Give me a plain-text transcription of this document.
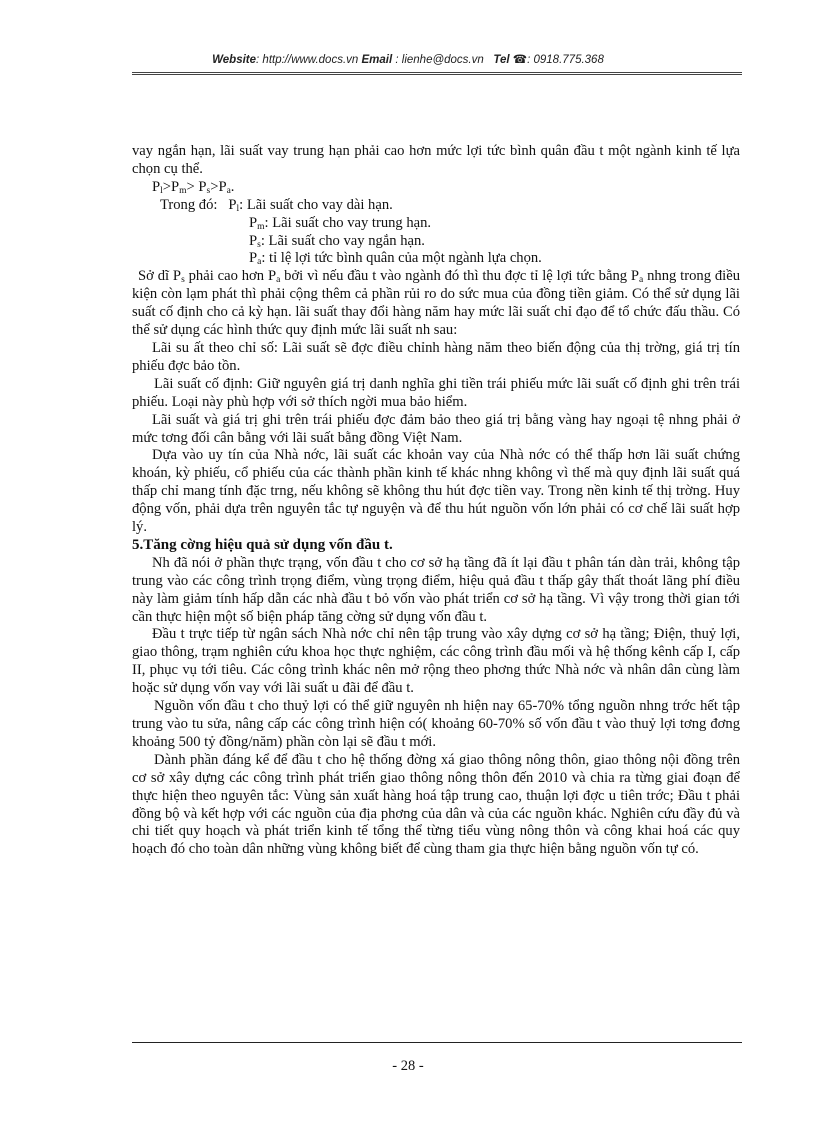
Website: http://www.docs.vn Email : lienhe@docs.vn Tel ☎: 0918.775.368

vay ngắn hạn, lãi suất vay trung hạn phải cao hơn mức lợi tức bình quân đầu t một ngành kinh tế lựa chọn cụ thể.

$P_l>P_m> P_s>P_a$.

Trong đó: $P_l$: Lãi suất cho vay dài hạn.

$P_m$: Lãi suất cho vay trung hạn.

$P_s$: Lãi suất cho vay ngắn hạn.

$P_a$: tỉ lệ lợi tức bình quân của một ngành lựa chọn.

Sở dĩ $P_s$ phải cao hơn $P_a$ bởi vì nếu đầu t vào ngành đó thì thu đợc tỉ lệ lợi tức bằng $P_a$ nhng trong điều kiện còn lạm phát thì phải cộng thêm cả phần rủi ro do sức mua của đồng tiền giảm. Có thể sử dụng lãi suất cố định cho cả kỳ hạn. lãi suất thay đổi hàng năm hay mức lãi suất chỉ đạo để tổ chức đấu thầu. Có thể sử dụng các hình thức quy định mức lãi suất nh sau:

Lãi su ất theo chỉ số: Lãi suất sẽ đợc điều chỉnh hàng năm theo biến động của thị trờng, giá trị tín phiếu đợc bảo tồn.

Lãi suất cố định: Giữ nguyên giá trị danh nghĩa ghi tiền trái phiếu mức lãi suất cố định ghi trên trái phiếu. Loại này phù hợp với sở thích ngời mua bảo hiểm.

Lãi suất và giá trị ghi trên trái phiếu đợc đảm bảo theo giá trị bằng vàng hay ngoại tệ nhng phải ở mức tơng đối cân bằng với lãi suất bằng đồng Việt Nam.

Dựa vào uy tín của Nhà nớc, lãi suất các khoản vay của Nhà nớc có thể thấp hơn lãi suất chứng khoán, kỳ phiếu, cổ phiếu của các thành phần kinh tế khác nhng không vì thế mà quy định lãi suất quá thấp chỉ mang tính đặc trng, nếu không sẽ không thu hút đợc tiền vay. Trong nền kinh tế thị trờng. Huy động vốn, phải dựa trên nguyên tắc tự nguyện và để thu hút nguồn vốn lớn phải có cơ chế lãi suất hợp lý.

5.Tăng cờng hiệu quả sử dụng vốn đầu t.

Nh đã nói ở phần thực trạng, vốn đầu t cho cơ sở hạ tầng đã ít lại đầu t phân tán dàn trải, không tập trung vào các công trình trọng điểm, vùng trọng điểm, hiệu quả đầu t thấp gây thất thoát lãng phí điều này làm giảm tính hấp dẫn các nhà đầu t bỏ vốn vào phát triển cơ sở hạ tầng. Vì vậy trong thời gian tới cần thực hiện một số biện pháp tăng cờng sử dụng vốn đầu t.

Đầu t trực tiếp từ ngân sách Nhà nớc chỉ nên tập trung vào xây dựng cơ sở hạ tầng; Điện, thuỷ lợi, giao thông, trạm nghiên cứu khoa học thực nghiệm, các công trình đầu mối và hệ thống kênh cấp I, cấp II, phục vụ tới tiêu. Các công trình khác nên mở rộng theo phơng thức Nhà nớc và nhân dân cùng làm hoặc sử dụng vốn vay với lãi suất u đãi để đầu t.

Nguồn vốn đầu t cho thuỷ lợi có thể giữ nguyên nh hiện nay 65-70% tổng nguồn nhng trớc hết tập trung vào tu sửa, nâng cấp các công trình hiện có( khoảng 60-70% số vốn đầu t vào thuỷ lợi tơng đơng khoảng 500 tỷ đồng/năm) phần còn lại sẽ đầu t mới.

Dành phần đáng kể để đầu t cho hệ thống đờng xá giao thông nông thôn, giao thông nội đồng trên cơ sở xây dựng các công trình phát triển giao thông nông thôn đến 2010 và chia ra từng giai đoạn để thực hiện theo nguyên tắc: Vùng sản xuất hàng hoá tập trung cao, thuận lợi đợc u tiên trớc; Đầu t phải đồng bộ và kết hợp với các nguồn của địa phơng của dân và của các nguồn khác. Nghiên cứu đầy đủ và chi tiết quy hoạch và phát triển kinh tế tổng thể từng tiểu vùng nông thôn và công khai hoá các quy hoạch đó cho toàn dân những vùng không biết để cùng tham gia thực hiện bằng nguồn vốn tự có.

- 28 -
